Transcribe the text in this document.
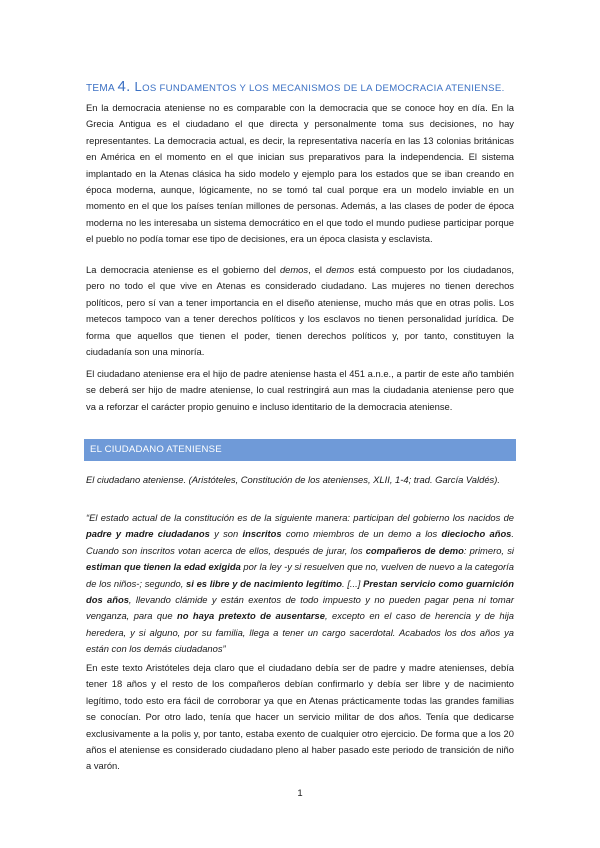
TEMA 4. LOS FUNDAMENTOS Y LOS MECANISMOS DE LA DEMOCRACIA ATENIENSE.

En la democracia ateniense no es comparable con la democracia que se conoce hoy en día. En la Grecia Antigua es el ciudadano el que directa y personalmente toma sus decisiones, no hay representantes. La democracia actual, es decir, la representativa nacería en las 13 colonias británicas en América en el momento en el que inician sus preparativos para la independencia. El sistema implantado en la Atenas clásica ha sido modelo y ejemplo para los estados que se iban creando en época moderna, aunque, lógicamente, no se tomó tal cual porque era un modelo inviable en un momento en el que los países tenían millones de personas. Además, a las clases de poder de época moderna no les interesaba un sistema democrático en el que todo el mundo pudiese participar porque el pueblo no podía tomar ese tipo de decisiones, era un época clasista y esclavista.

La democracia ateniense es el gobierno del demos, el demos está compuesto por los ciudadanos, pero no todo el que vive en Atenas es considerado ciudadano. Las mujeres no tienen derechos políticos, pero sí van a tener importancia en el diseño ateniense, mucho más que en otras polis. Los metecos tampoco van a tener derechos políticos y los esclavos no tienen personalidad jurídica. De forma que aquellos que tienen el poder, tienen derechos políticos y, por tanto, constituyen la ciudadanía son una minoría.

El ciudadano ateniense era el hijo de padre ateniense hasta el 451 a.n.e., a partir de este año también se deberá ser hijo de madre ateniense, lo cual restringirá aun mas la ciudadania ateniense pero que va a reforzar el carácter propio genuino e incluso identitario de la democracia ateniense.

EL CIUDADANO ATENIENSE

El ciudadano ateniense. (Aristóteles, Constitución de los atenienses, XLII, 1-4; trad. García Valdés).

“El estado actual de la constitución es de la siguiente manera: participan del gobierno los nacidos de padre y madre ciudadanos y son inscritos como miembros de un demo a los dieciocho años. Cuando son inscritos votan acerca de ellos, después de jurar, los compañeros de demo: primero, si estiman que tienen la edad exigida por la ley -y si resuelven que no, vuelven de nuevo a la categoría de los niños-; segundo, si es libre y de nacimiento legítimo. [...] Prestan servicio como guarnición dos años, llevando clámide y están exentos de todo impuesto y no pueden pagar pena ni tomar venganza, para que no haya pretexto de ausentarse, excepto en el caso de herencia y de hija heredera, y si alguno, por su familia, llega a tener un cargo sacerdotal. Acabados los dos años ya están con los demás ciudadanos”

En este texto Aristóteles deja claro que el ciudadano debía ser de padre y madre atenienses, debía tener 18 años y el resto de los compañeros debían confirmarlo y debía ser libre y de nacimiento legítimo, todo esto era fácil de corroborar ya que en Atenas prácticamente todas las grandes familias se conocían. Por otro lado, tenía que hacer un servicio militar de dos años. Tenía que dedicarse exclusivamente a la polis y, por tanto, estaba exento de cualquier otro ejercicio. De forma que a los 20 años el ateniense es considerado ciudadano pleno al haber pasado este periodo de transición de niño a varón.

1
